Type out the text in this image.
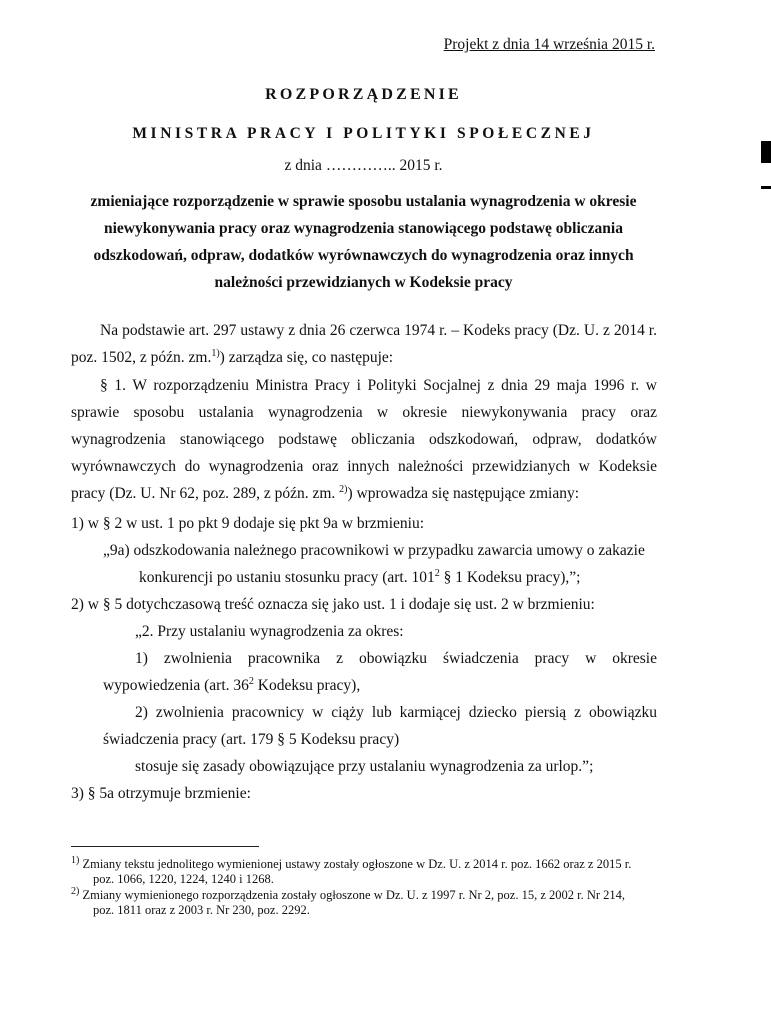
Projekt z dnia 14 września 2015 r.
ROZPORZĄDZENIE
MINISTRA PRACY I POLITYKI SPOŁECZNEJ
z dnia ………….. 2015 r.
zmieniające rozporządzenie w sprawie sposobu ustalania wynagrodzenia w okresie niewykonywania pracy oraz wynagrodzenia stanowiącego podstawę obliczania odszkodowań, odpraw, dodatków wyrównawczych do wynagrodzenia oraz innych należności przewidzianych w Kodeksie pracy
Na podstawie art. 297 ustawy z dnia 26 czerwca 1974 r. – Kodeks pracy (Dz. U. z 2014 r. poz. 1502, z późn. zm.$^{1)}$) zarządza się, co następuje:
§ 1. W rozporządzeniu Ministra Pracy i Polityki Socjalnej z dnia 29 maja 1996 r. w sprawie sposobu ustalania wynagrodzenia w okresie niewykonywania pracy oraz wynagrodzenia stanowiącego podstawę obliczania odszkodowań, odpraw, dodatków wyrównawczych do wynagrodzenia oraz innych należności przewidzianych w Kodeksie pracy (Dz. U. Nr 62, poz. 289, z późn. zm. $^{2)}$) wprowadza się następujące zmiany:
1) w § 2 w ust. 1 po pkt 9 dodaje się pkt 9a w brzmieniu:
„9a) odszkodowania należnego pracownikowi w przypadku zawarcia umowy o zakazie
konkurencji po ustaniu stosunku pracy (art. $101^2$ § 1 Kodeksu pracy),”;
2) w § 5 dotychczasową treść oznacza się jako ust. 1 i dodaje się ust. 2 w brzmieniu:
„2. Przy ustalaniu wynagrodzenia za okres:
1) zwolnienia pracownika z obowiązku świadczenia pracy w okresie
wypowiedzenia (art. $36^2$ Kodeksu pracy),
2) zwolnienia pracownicy w ciąży lub karmiącej dziecko piersią z obowiązku
świadczenia pracy (art. 179 § 5 Kodeksu pracy)
stosuje się zasady obowiązujące przy ustalaniu wynagrodzenia za urlop.”;
3) § 5a otrzymuje brzmienie:
$^{1)}$ Zmiany tekstu jednolitego wymienionej ustawy zostały ogłoszone w Dz. U. z 2014 r. poz. 1662 oraz z 2015 r.
poz. 1066, 1220, 1224, 1240 i 1268.
$^{2)}$ Zmiany wymienionego rozporządzenia zostały ogłoszone w Dz. U. z 1997 r. Nr 2, poz. 15, z 2002 r. Nr 214,
poz. 1811 oraz z 2003 r. Nr 230, poz. 2292.
